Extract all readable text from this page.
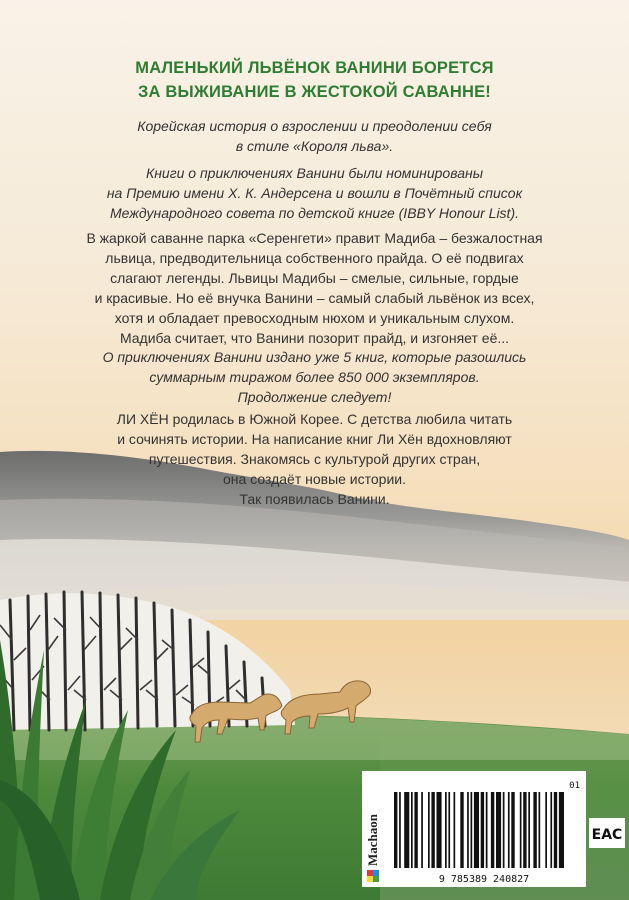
МАЛЕНЬКИЙ ЛЬВЁНОК ВАНИНИ БОРЕТСЯ
ЗА ВЫЖИВАНИЕ В ЖЕСТОКОЙ САВАННЕ!
Корейская история о взрослении и преодолении себя
в стиле «Короля льва».
Книги о приключениях Ванини были номинированы
на Премию имени Х. К. Андерсена и вошли в Почётный список
Международного совета по детской книге (IBBY Honour List).
В жаркой саванне парка «Серенгети» правит Мадиба – безжалостная
львица, предводительница собственного прайда. О её подвигах
слагают легенды. Львицы Мадибы – смелые, сильные, гордые
и красивые. Но её внучка Ванини – самый слабый львёнок из всех,
хотя и обладает превосходным нюхом и уникальным слухом.
Мадиба считает, что Ванини позорит прайд, и изгоняет её...
О приключениях Ванини издано уже 5 книг, которые разошлись
суммарным тиражом более 850 000 экземпляров.
Продолжение следует!
ЛИ ХЁН родилась в Южной Корее. С детства любила читать
и сочинять истории. На написание книг Ли Хён вдохновляют
путешествия. Знакомясь с культурой других стран,
она создаёт новые истории.
Так появилась Ванини.
Machaon
9 785389 240827
01
ЕАС
